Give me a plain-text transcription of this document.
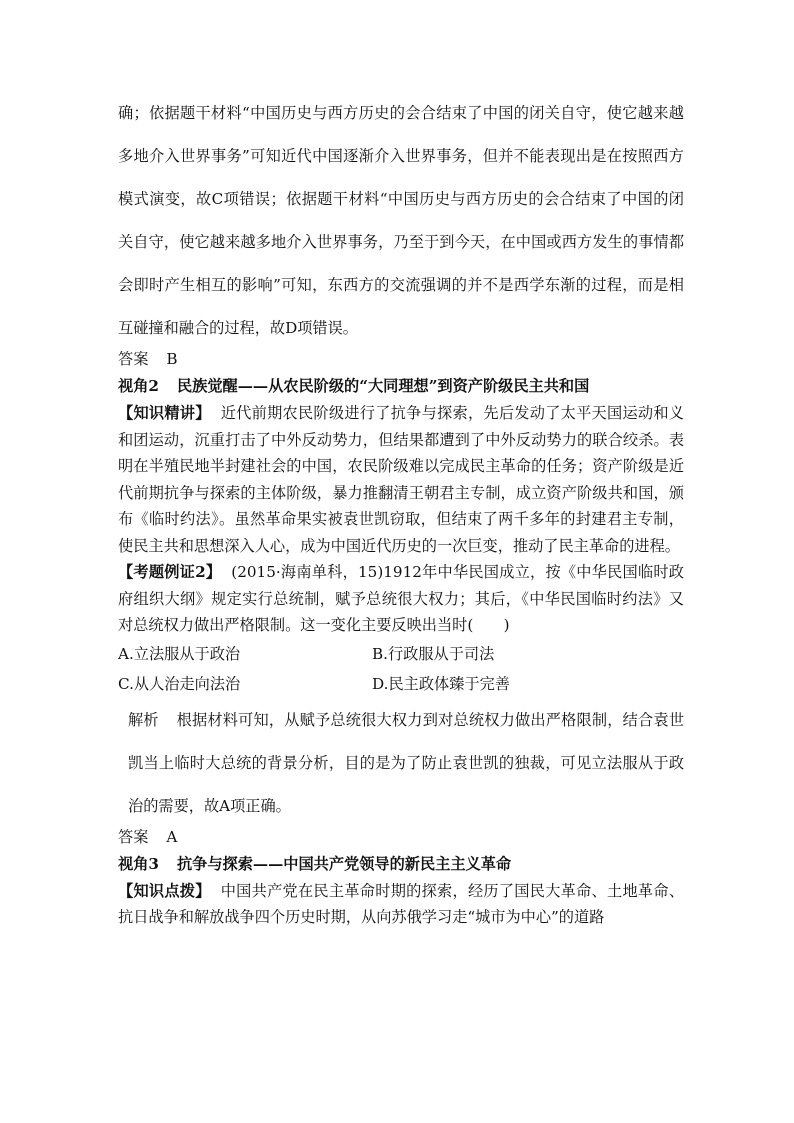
确；依据题干材料“中国历史与西方历史的会合结束了中国的闭关自守，使它越来越多地介入世界事务”可知近代中国逐渐介入世界事务，但并不能表现出是在按照西方模式演变，故C项错误；依据题干材料“中国历史与西方历史的会合结束了中国的闭关自守，使它越来越多地介入世界事务，乃至于到今天，在中国或西方发生的事情都会即时产生相互的影响”可知，东西方的交流强调的并不是西学东渐的过程，而是相互碰撞和融合的过程，故D项错误。

答案 B

视角2 民族觉醒——从农民阶级的“大同理想”到资产阶级民主共和国

【知识精讲】 近代前期农民阶级进行了抗争与探索，先后发动了太平天国运动和义和团运动，沉重打击了中外反动势力，但结果都遭到了中外反动势力的联合绞杀。表明在半殖民地半封建社会的中国，农民阶级难以完成民主革命的任务；资产阶级是近代前期抗争与探索的主体阶级，暴力推翻清王朝君主专制，成立资产阶级共和国，颁布《临时约法》。虽然革命果实被袁世凯窃取，但结束了两千多年的封建君主专制，使民主共和思想深入人心，成为中国近代历史的一次巨变，推动了民主革命的进程。

【考题例证2】 (2015·海南单科，15)1912年中华民国成立，按《中华民国临时政府组织大纲》规定实行总统制，赋予总统很大权力；其后，《中华民国临时约法》又对总统权力做出严格限制。这一变化主要反映出当时(　　)

A.立法服从于政治	B.行政服从于司法
C.从人治走向法治	D.民主政体臻于完善

解析 根据材料可知，从赋予总统很大权力到对总统权力做出严格限制，结合袁世凯当上临时大总统的背景分析，目的是为了防止袁世凯的独裁，可见立法服从于政治的需要，故A项正确。

答案 A

视角3 抗争与探索——中国共产党领导的新民主主义革命

【知识点拨】 中国共产党在民主革命时期的探索，经历了国民大革命、土地革命、抗日战争和解放战争四个历史时期，从向苏俄学习走“城市为中心”的道路
